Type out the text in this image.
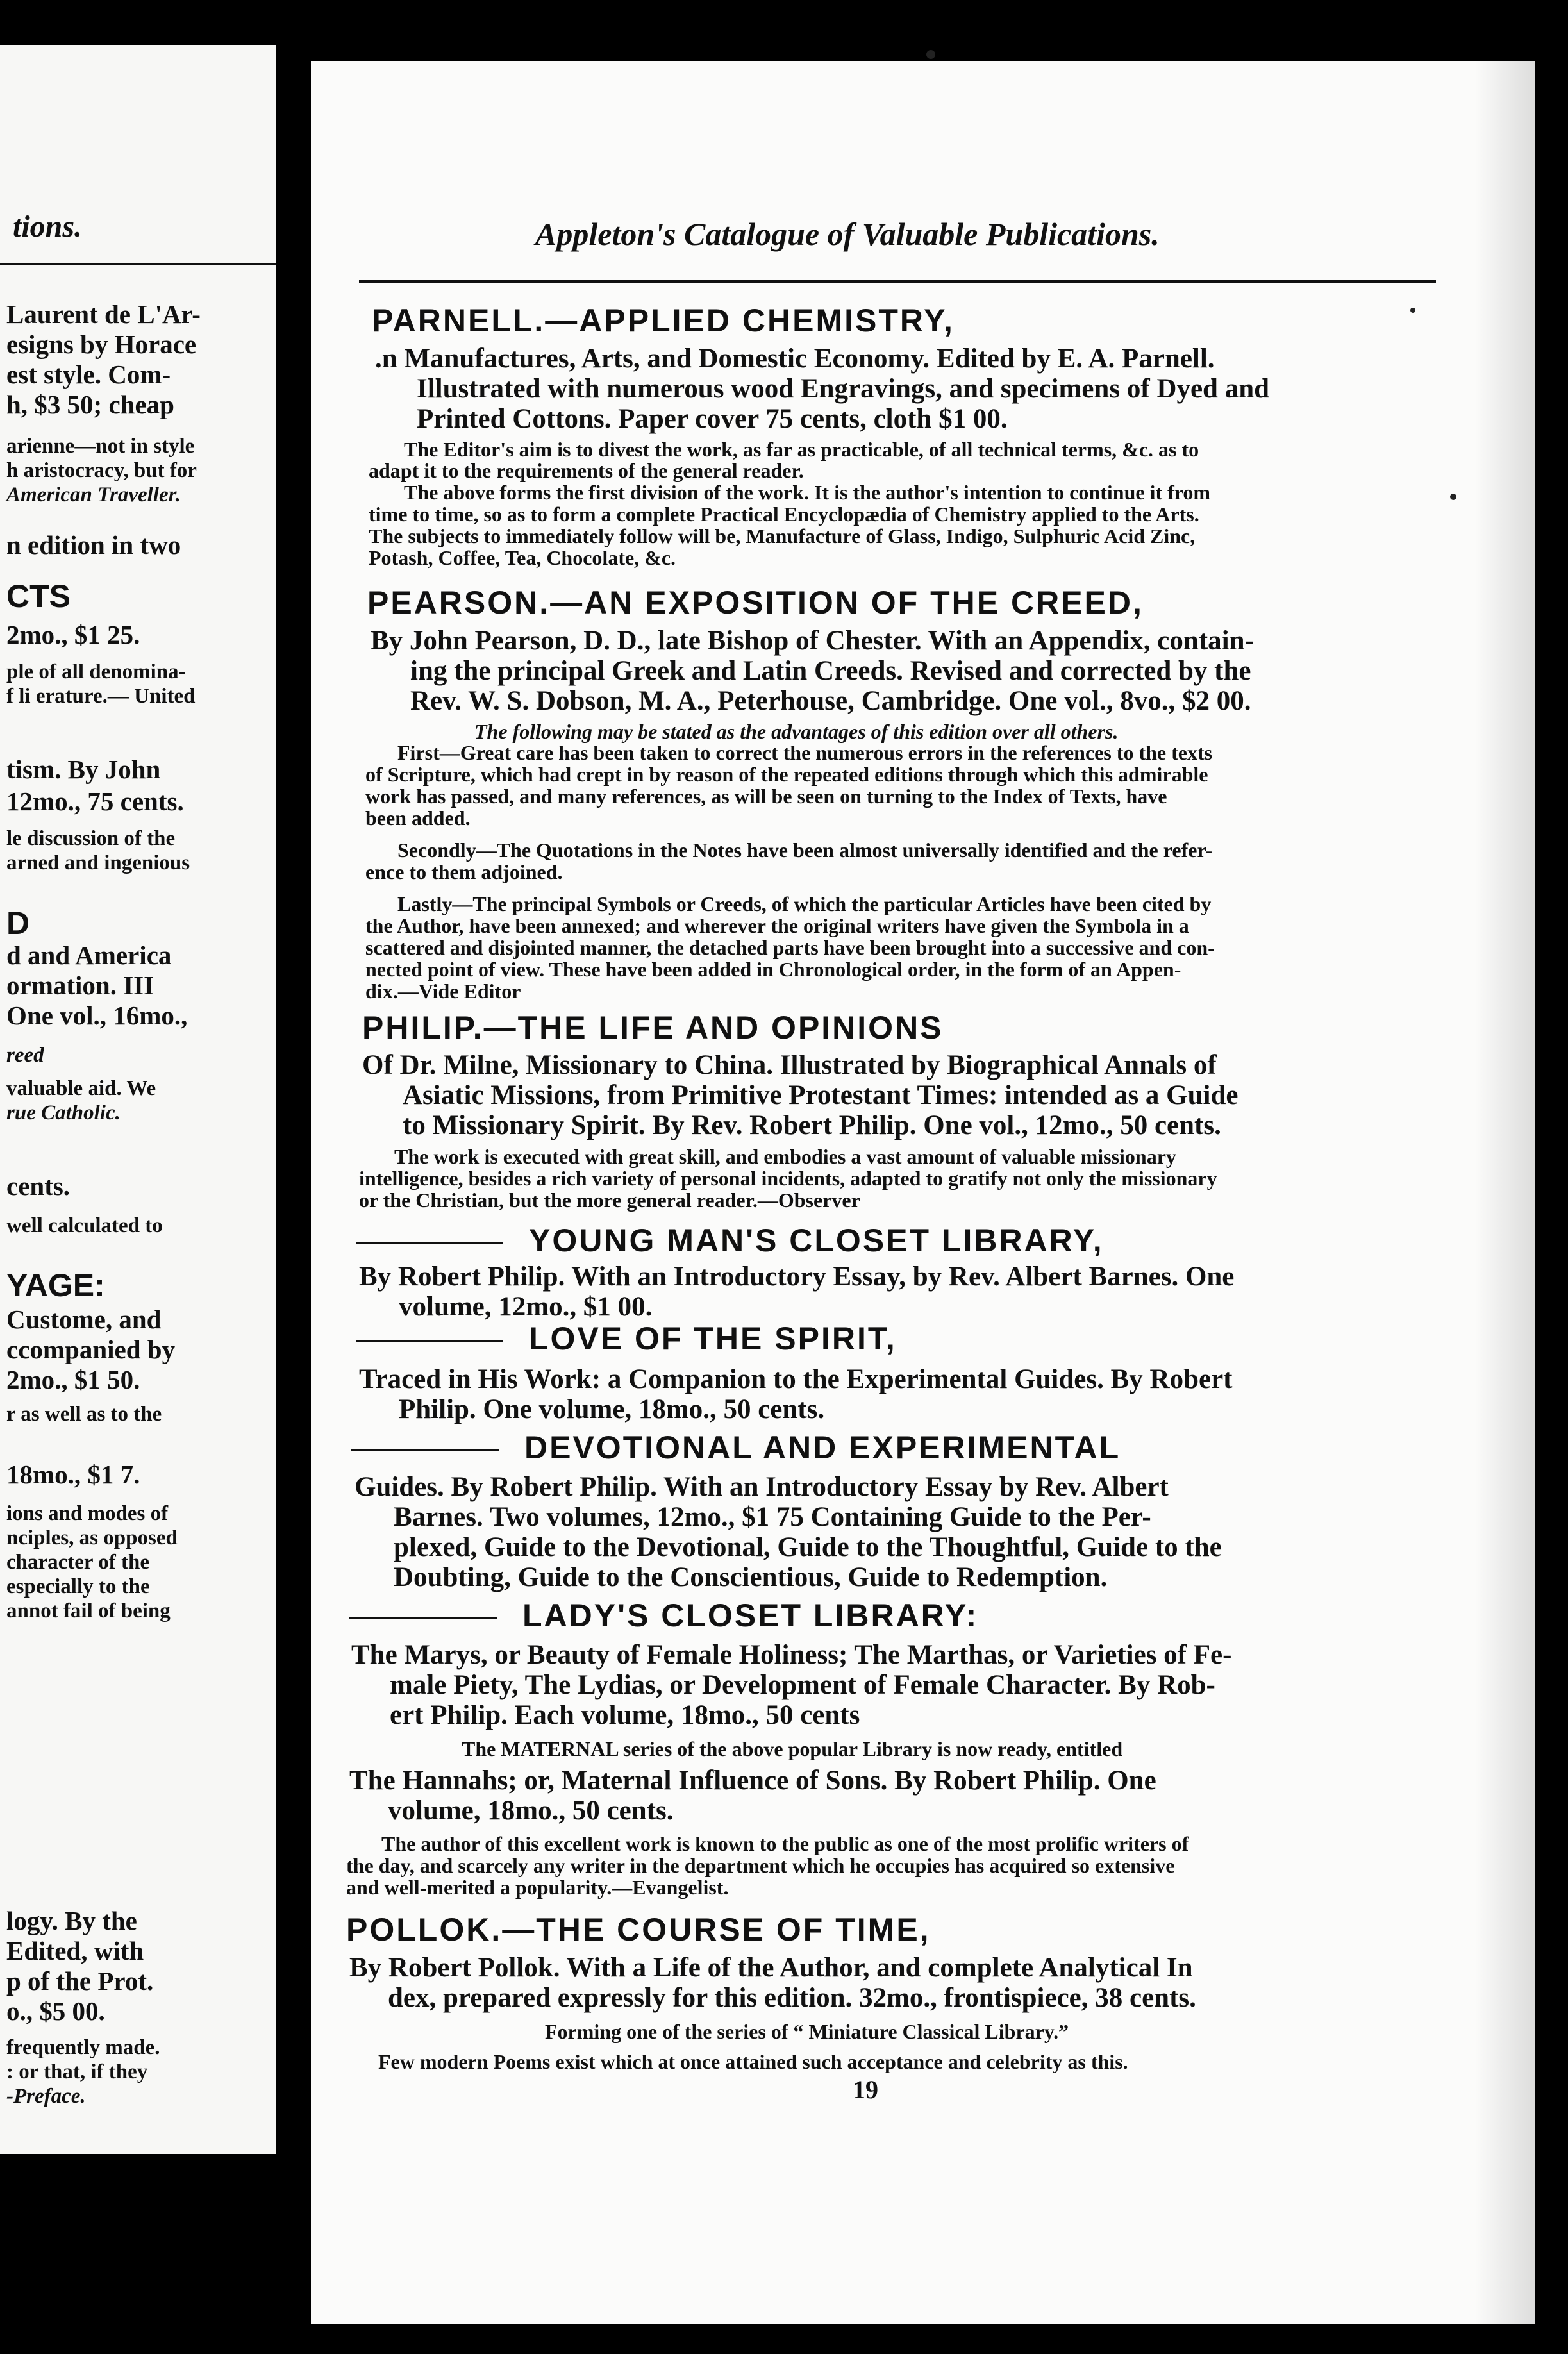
tions.
Laurent de L'Ar-
esigns by Horace
est style. Com-
h, $3 50; cheap
arienne—not in style
h aristocracy, but for
American Traveller.
n edition in two
CTS
2mo., $1 25.
ple of all denomina-
f li erature.— United
tism. By John
12mo., 75 cents.
le discussion of the
arned and ingenious
D
d and America
ormation. III
One vol., 16mo.,
reed
valuable aid. We
rue Catholic.
cents.
well calculated to
YAGE:
Custome, and
ccompanied by
2mo., $1 50.
r as well as to the
18mo., $1 7.
ions and modes of
nciples, as opposed
character of the
especially to the
annot fail of being
logy. By the
Edited, with
p of the Prot.
o., $5 00.
frequently made.
: or that, if they
-Preface.
Appleton's Catalogue of Valuable Publications.
PARNELL.—APPLIED CHEMISTRY,
.n Manufactures, Arts, and Domestic Economy. Edited by E. A. Parnell.
Illustrated with numerous wood Engravings, and specimens of Dyed and
Printed Cottons. Paper cover 75 cents, cloth $1 00.
The Editor's aim is to divest the work, as far as practicable, of all technical terms, &c. as to
adapt it to the requirements of the general reader.
The above forms the first division of the work. It is the author's intention to continue it from
time to time, so as to form a complete Practical Encyclopædia of Chemistry applied to the Arts.
The subjects to immediately follow will be, Manufacture of Glass, Indigo, Sulphuric Acid Zinc,
Potash, Coffee, Tea, Chocolate, &c.
PEARSON.—AN EXPOSITION OF THE CREED,
By John Pearson, D. D., late Bishop of Chester. With an Appendix, contain-
ing the principal Greek and Latin Creeds. Revised and corrected by the
Rev. W. S. Dobson, M. A., Peterhouse, Cambridge. One vol., 8vo., $2 00.
The following may be stated as the advantages of this edition over all others.
First—Great care has been taken to correct the numerous errors in the references to the texts
of Scripture, which had crept in by reason of the repeated editions through which this admirable
work has passed, and many references, as will be seen on turning to the Index of Texts, have
been added.
Secondly—The Quotations in the Notes have been almost universally identified and the refer-
ence to them adjoined.
Lastly—The principal Symbols or Creeds, of which the particular Articles have been cited by
the Author, have been annexed; and wherever the original writers have given the Symbola in a
scattered and disjointed manner, the detached parts have been brought into a successive and con-
nected point of view. These have been added in Chronological order, in the form of an Appen-
dix.—Vide Editor
PHILIP.—THE LIFE AND OPINIONS
Of Dr. Milne, Missionary to China. Illustrated by Biographical Annals of
Asiatic Missions, from Primitive Protestant Times: intended as a Guide
to Missionary Spirit. By Rev. Robert Philip. One vol., 12mo., 50 cents.
The work is executed with great skill, and embodies a vast amount of valuable missionary
intelligence, besides a rich variety of personal incidents, adapted to gratify not only the missionary
or the Christian, but the more general reader.—Observer
YOUNG MAN'S CLOSET LIBRARY,
By Robert Philip. With an Introductory Essay, by Rev. Albert Barnes. One
volume, 12mo., $1 00.
LOVE OF THE SPIRIT,
Traced in His Work: a Companion to the Experimental Guides. By Robert
Philip. One volume, 18mo., 50 cents.
DEVOTIONAL AND EXPERIMENTAL
Guides. By Robert Philip. With an Introductory Essay by Rev. Albert
Barnes. Two volumes, 12mo., $1 75 Containing Guide to the Per-
plexed, Guide to the Devotional, Guide to the Thoughtful, Guide to the
Doubting, Guide to the Conscientious, Guide to Redemption.
LADY'S CLOSET LIBRARY:
The Marys, or Beauty of Female Holiness; The Marthas, or Varieties of Fe-
male Piety, The Lydias, or Development of Female Character. By Rob-
ert Philip. Each volume, 18mo., 50 cents
The MATERNAL series of the above popular Library is now ready, entitled
The Hannahs; or, Maternal Influence of Sons. By Robert Philip. One
volume, 18mo., 50 cents.
The author of this excellent work is known to the public as one of the most prolific writers of
the day, and scarcely any writer in the department which he occupies has acquired so extensive
and well-merited a popularity.—Evangelist.
POLLOK.—THE COURSE OF TIME,
By Robert Pollok. With a Life of the Author, and complete Analytical In
dex, prepared expressly for this edition. 32mo., frontispiece, 38 cents.
Forming one of the series of “ Miniature Classical Library.”
Few modern Poems exist which at once attained such acceptance and celebrity as this.
19
